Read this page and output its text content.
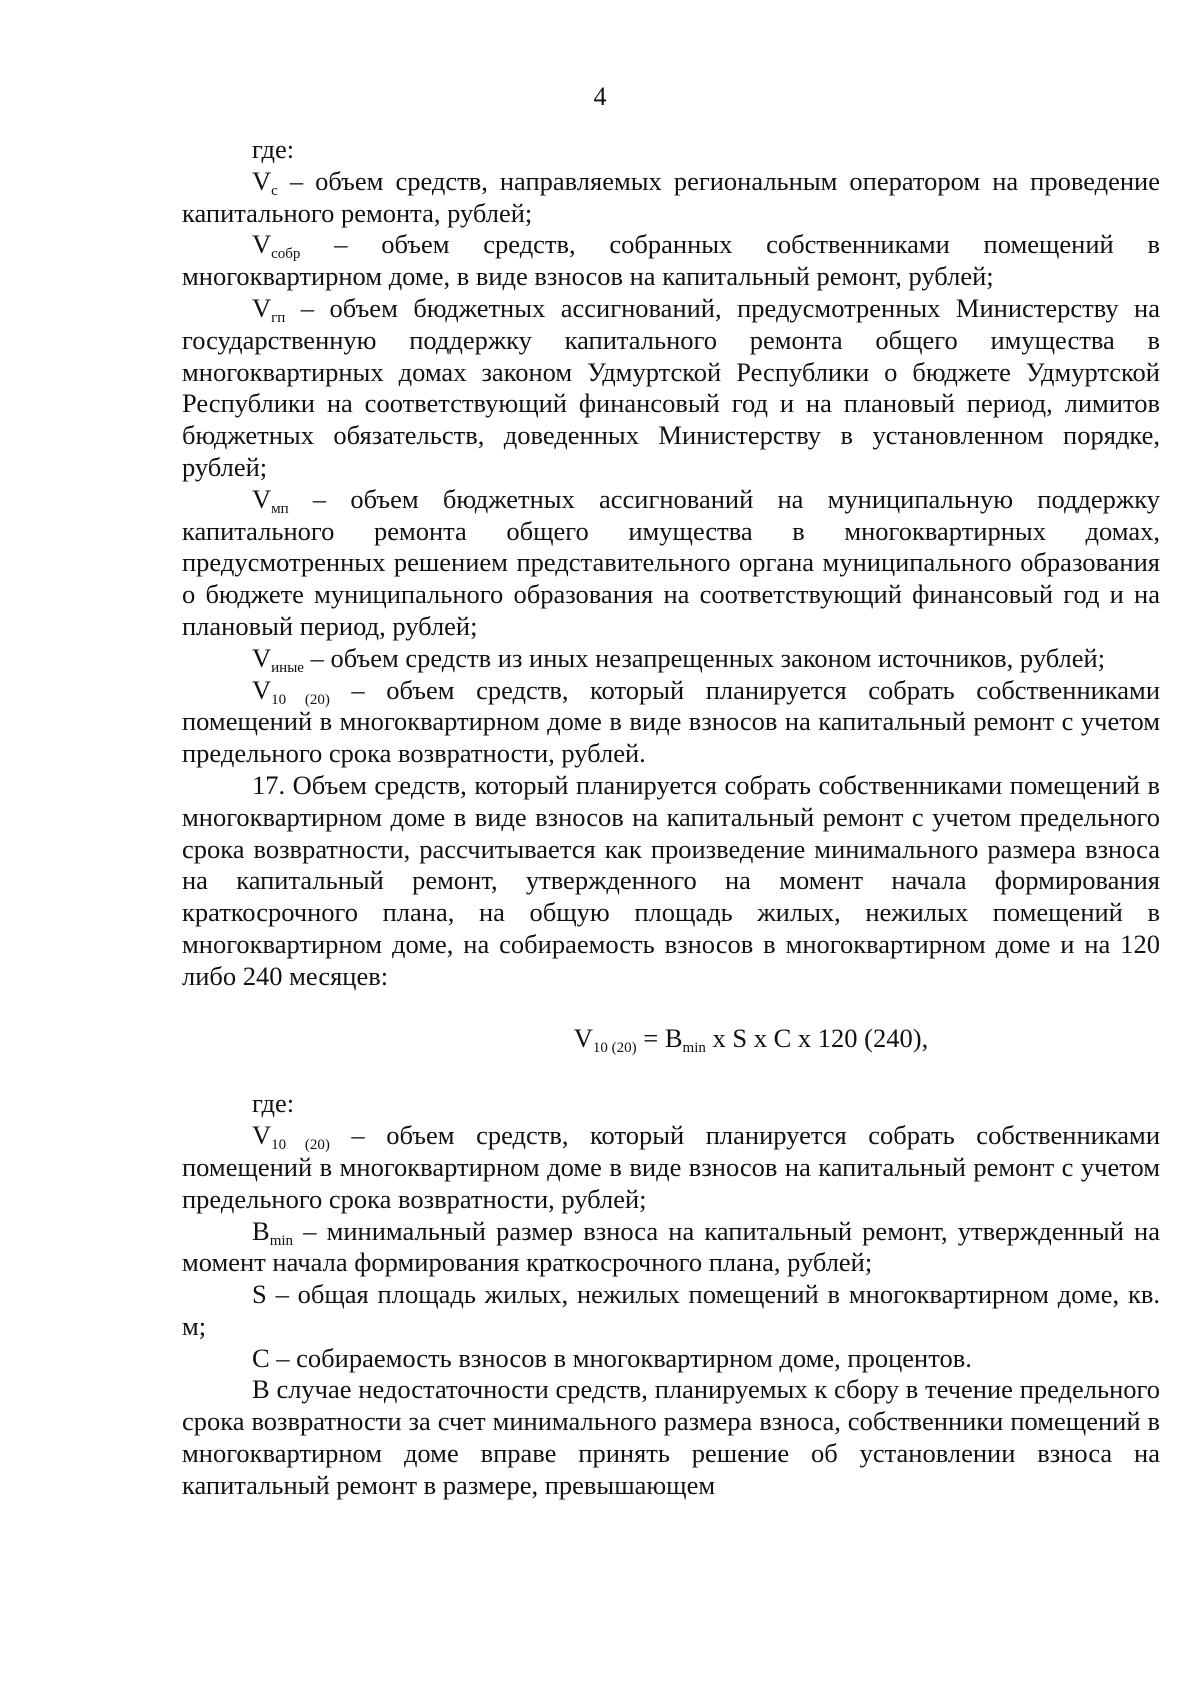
4

где:

$V_с$ – объем средств, направляемых региональным оператором на проведение капитального ремонта, рублей;

$V_{собр}$ – объем средств, собранных собственниками помещений в многоквартирном доме, в виде взносов на капитальный ремонт, рублей;

$V_{гп}$ – объем бюджетных ассигнований, предусмотренных Министерству на государственную поддержку капитального ремонта общего имущества в многоквартирных домах законом Удмуртской Республики о бюджете Удмуртской Республики на соответствующий финансовый год и на плановый период, лимитов бюджетных обязательств, доведенных Министерству в установленном порядке, рублей;

$V_{мп}$ – объем бюджетных ассигнований на муниципальную поддержку капитального ремонта общего имущества в многоквартирных домах, предусмотренных решением представительного органа муниципального образования о бюджете муниципального образования на соответствующий финансовый год и на плановый период, рублей;

$V_{иные}$ – объем средств из иных незапрещенных законом источников, рублей;

$V_{10 (20)}$ – объем средств, который планируется собрать собственниками помещений в многоквартирном доме в виде взносов на капитальный ремонт с учетом предельного срока возвратности, рублей.

17. Объем средств, который планируется собрать собственниками помещений в многоквартирном доме в виде взносов на капитальный ремонт с учетом предельного срока возвратности, рассчитывается как произведение минимального размера взноса на капитальный ремонт, утвержденного на момент начала формирования краткосрочного плана, на общую площадь жилых, нежилых помещений в многоквартирном доме, на собираемость взносов в многоквартирном доме и на 120 либо 240 месяцев:

$V_{10 (20)} = B_{min}$ x S x C x 120 (240),

где:

$V_{10 (20)}$ – объем средств, который планируется собрать собственниками помещений в многоквартирном доме в виде взносов на капитальный ремонт с учетом предельного срока возвратности, рублей;

$B_{min}$ – минимальный размер взноса на капитальный ремонт, утвержденный на момент начала формирования краткосрочного плана, рублей;

S – общая площадь жилых, нежилых помещений в многоквартирном доме, кв. м;

C – собираемость взносов в многоквартирном доме, процентов.

В случае недостаточности средств, планируемых к сбору в течение предельного срока возвратности за счет минимального размера взноса, собственники помещений в многоквартирном доме вправе принять решение об установлении взноса на капитальный ремонт в размере, превышающем
